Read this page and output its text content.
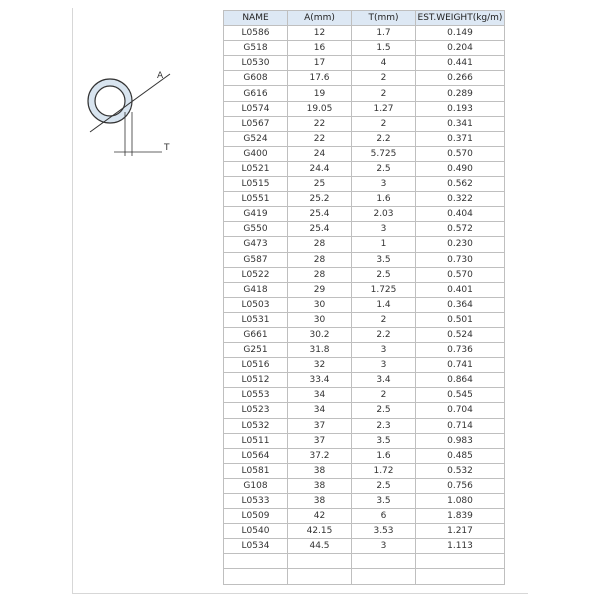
A
T
NAME	A(mm)	T(mm)	EST.WEIGHT(kg/m)
L0586	12	1.7	0.149
G518	16	1.5	0.204
L0530	17	4	0.441
G608	17.6	2	0.266
G616	19	2	0.289
L0574	19.05	1.27	0.193
L0567	22	2	0.341
G524	22	2.2	0.371
G400	24	5.725	0.570
L0521	24.4	2.5	0.490
L0515	25	3	0.562
L0551	25.2	1.6	0.322
G419	25.4	2.03	0.404
G550	25.4	3	0.572
G473	28	1	0.230
G587	28	3.5	0.730
L0522	28	2.5	0.570
G418	29	1.725	0.401
L0503	30	1.4	0.364
L0531	30	2	0.501
G661	30.2	2.2	0.524
G251	31.8	3	0.736
L0516	32	3	0.741
L0512	33.4	3.4	0.864
L0553	34	2	0.545
L0523	34	2.5	0.704
L0532	37	2.3	0.714
L0511	37	3.5	0.983
L0564	37.2	1.6	0.485
L0581	38	1.72	0.532
G108	38	2.5	0.756
L0533	38	3.5	1.080
L0509	42	6	1.839
L0540	42.15	3.53	1.217
L0534	44.5	3	1.113
